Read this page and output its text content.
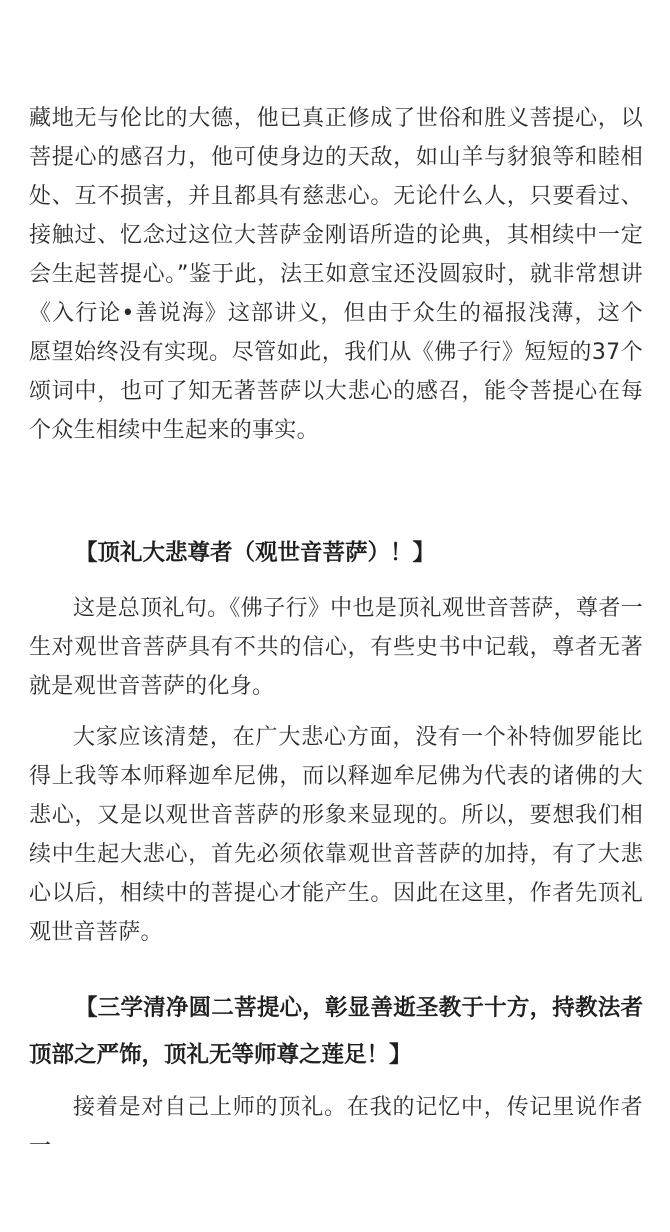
藏地无与伦比的大德，他已真正修成了世俗和胜义菩提心，以菩提心的感召力，他可使身边的天敌，如山羊与豺狼等和睦相处、互不损害，并且都具有慈悲心。无论什么人，只要看过、接触过、忆念过这位大菩萨金刚语所造的论典，其相续中一定会生起菩提心。”鉴于此，法王如意宝还没圆寂时，就非常想讲《入行论•善说海》这部讲义，但由于众生的福报浅薄，这个愿望始终没有实现。尽管如此，我们从《佛子行》短短的37个颂词中，也可了知无著菩萨以大悲心的感召，能令菩提心在每个众生相续中生起来的事实。

【顶礼大悲尊者（观世音菩萨）！】

这是总顶礼句。《佛子行》中也是顶礼观世音菩萨，尊者一生对观世音菩萨具有不共的信心，有些史书中记载，尊者无著就是观世音菩萨的化身。

大家应该清楚，在广大悲心方面，没有一个补特伽罗能比得上我等本师释迦牟尼佛，而以释迦牟尼佛为代表的诸佛的大悲心，又是以观世音菩萨的形象来显现的。所以，要想我们相续中生起大悲心，首先必须依靠观世音菩萨的加持，有了大悲心以后，相续中的菩提心才能产生。因此在这里，作者先顶礼观世音菩萨。

【三学清净圆二菩提心，彰显善逝圣教于十方，持教法者顶部之严饰，顶礼无等师尊之莲足！】

接着是对自己上师的顶礼。在我的记忆中，传记里说作者一
